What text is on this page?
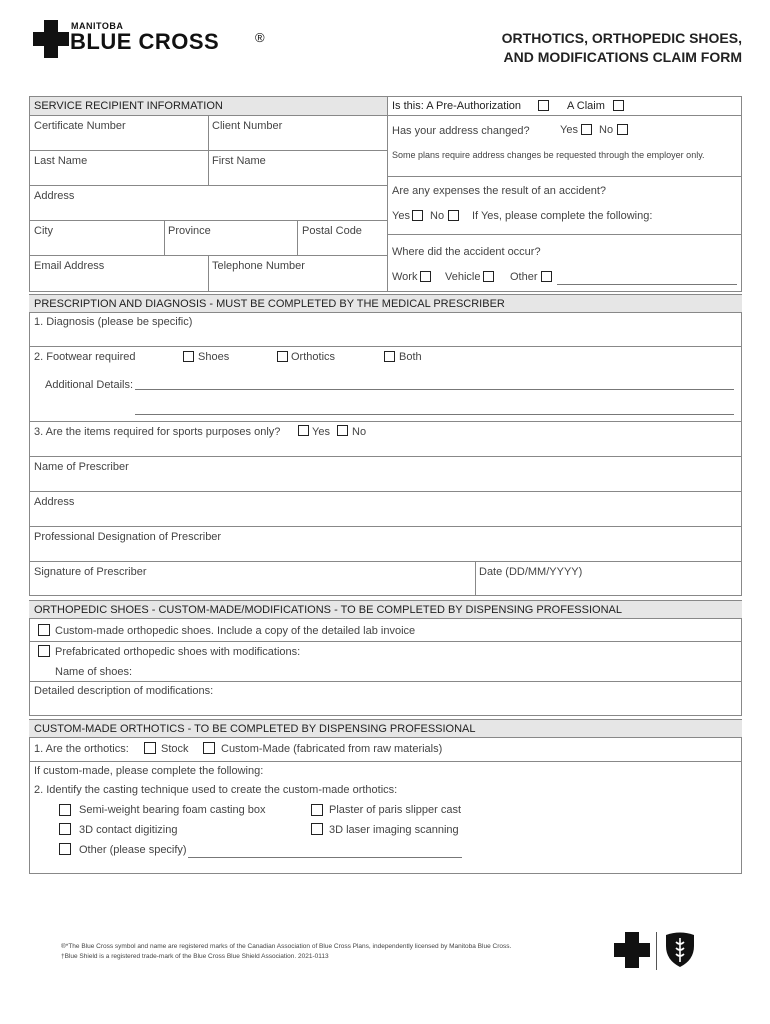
MANITOBA
BLUE CROSS	®	ORTHOTICS, ORTHOPEDIC SHOES,
AND MODIFICATIONS CLAIM FORM
SERVICE RECIPIENT INFORMATION
Certificate Number	Client Number
Last Name	First Name
Address
City	Province	Postal Code
Email Address	Telephone Number
Is this: A Pre-Authorization	A Claim
Has your address changed?	Yes No
Some plans require address changes be requested through the employer only.
Are any expenses the result of an accident?
Yes No	If Yes, please complete the following:
Where did the accident occur?
Work	Vehicle	Other
PRESCRIPTION AND DIAGNOSIS - MUST BE COMPLETED BY THE MEDICAL PRESCRIBER
1. Diagnosis (please be specific)
2. Footwear required	Shoes	Orthotics	Both
Additional Details:
3. Are the items required for sports purposes only?	Yes No
Name of Prescriber
Address
Professional Designation of Prescriber
Signature of Prescriber	Date (DD/MM/YYYY)
ORTHOPEDIC SHOES - CUSTOM-MADE/MODIFICATIONS - TO BE COMPLETED BY DISPENSING PROFESSIONAL
Custom-made orthopedic shoes. Include a copy of the detailed lab invoice
Prefabricated orthopedic shoes with modifications:
Name of shoes:
Detailed description of modifications:
CUSTOM-MADE ORTHOTICS - TO BE COMPLETED BY DISPENSING PROFESSIONAL
1. Are the orthotics:	Stock	Custom-Made (fabricated from raw materials)
If custom-made, please complete the following:
2. Identify the casting technique used to create the custom-made orthotics:
Semi-weight bearing foam casting box	Plaster of paris slipper cast
3D contact digitizing	3D laser imaging scanning
Other (please specify)
®*The Blue Cross symbol and name are registered marks of the Canadian Association of Blue Cross Plans, independently licensed by Manitoba Blue Cross.
†Blue Shield is a registered trade-mark of the Blue Cross Blue Shield Association. 2021-0113
